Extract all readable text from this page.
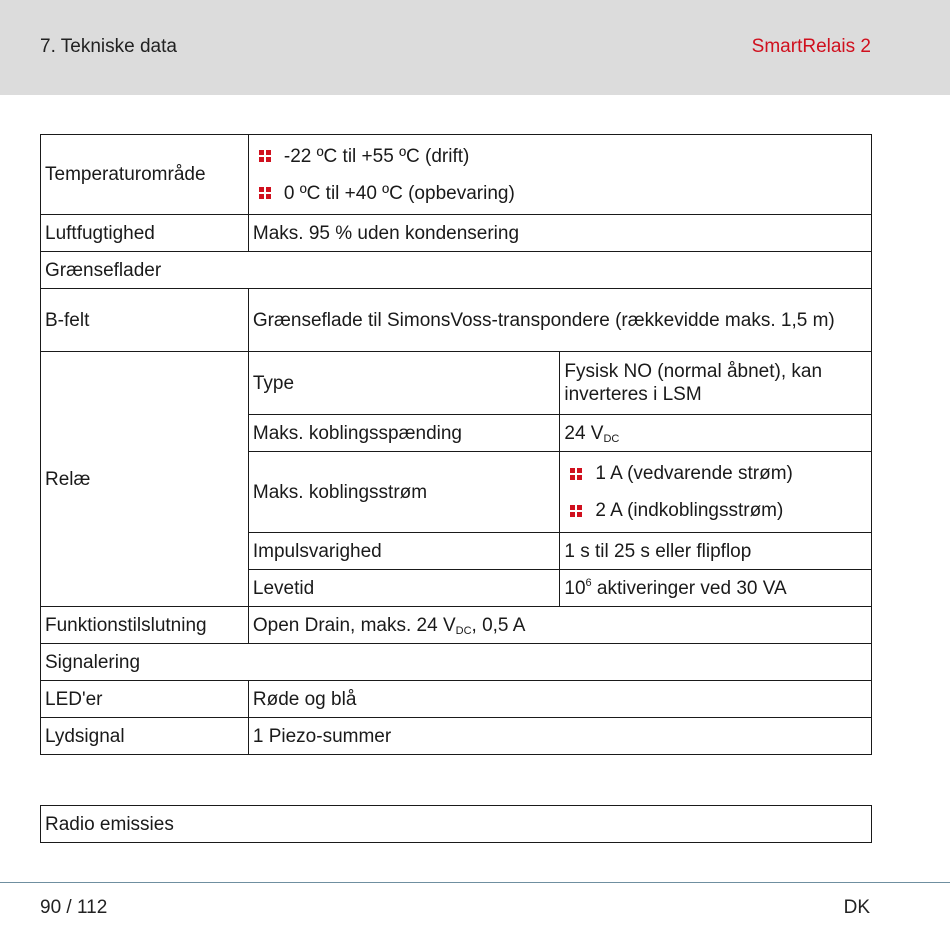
7. Tekniske data	SmartRelais 2
Temperaturområde	-22 ºC til +55 ºC (drift)
0 ºC til +40 ºC (opbevaring)	

Luftfugtighed	Maks. 95 % uden kondensering	
Grænseflader		
B-felt	Grænseflade til SimonsVoss-transpondere (rækkevidde maks. 1,5 m)	
Relæ	Type	Fysisk NO (normal åbnet), kan inverteres i LSM
	Maks. koblingsspænding	24 $V_{DC}$
	Maks. koblingsstrøm	1 A (vedvarende strøm)
2 A (indkoblingsstrøm)

	Impulsvarighed	1 s til 25 s eller flipflop
	Levetid	$10^6$ aktiveringer ved 30 VA
Funktionstilslutning	Open Drain, maks. 24 $V_{DC}$, 0,5 A	
Signalering		
LED'er	Røde og blå	
Lydsignal	1 Piezo-summer	
Radio emissies
90 / 112	DK
